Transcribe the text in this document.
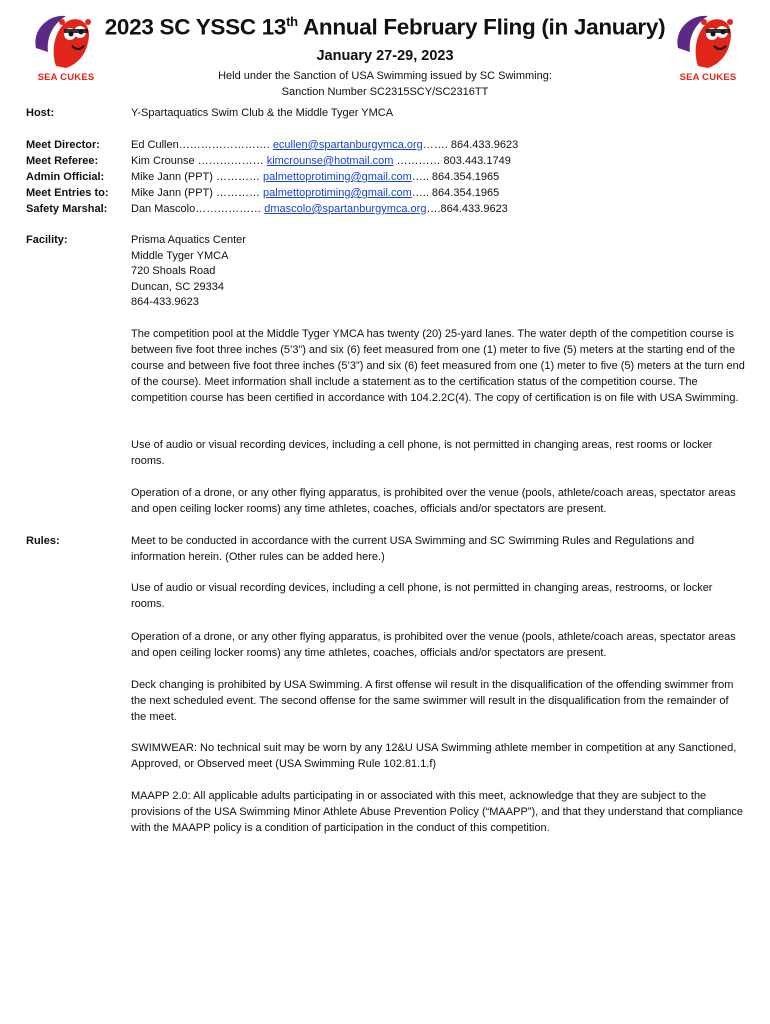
SEA CUKES	SEA CUKES
2023 SC YSSC 13th Annual February Fling (in January)
January 27-29, 2023
Held under the Sanction of USA Swimming issued by SC Swimming:
Sanction Number SC2315SCY/SC2316TT
Host:	Y-Spartaquatics Swim Club & the Middle Tyger YMCA
Meet Director:	Ed Cullen……………………. ecullen@spartanburgymca.org……. 864.433.9623
Meet Referee:	Kim Crounse ……………… kimcrounse@hotmail.com ………… 803.443.1749
Admin Official: Mike Jann (PPT) ………… palmettoprotiming@gmail.com….. 864.354.1965
Meet Entries to: Mike Jann (PPT) ………… palmettoprotiming@gmail.com….. 864.354.1965
Safety Marshal: Dan Mascolo……………… dmascolo@spartanburgymca.org….864.433.9623
Facility:	Prisma Aquatics Center
Middle Tyger YMCA
720 Shoals Road
Duncan, SC 29334
864-433.9623

The competition pool at the Middle Tyger YMCA has twenty (20) 25-yard lanes. The water depth of the competition course is between five foot three inches (5’3”) and six (6) feet measured from one (1) meter to five (5) meters at the starting end of the course and between five foot three inches (5’3”) and six (6) feet measured from one (1) meter to five (5) meters at the turn end of the course). Meet information shall include a statement as to the certification status of the competition course. The competition course has been certified in accordance with 104.2.2C(4). The copy of certification is on file with USA Swimming.

Use of audio or visual recording devices, including a cell phone, is not permitted in changing areas, rest rooms or locker rooms.

Operation of a drone, or any other flying apparatus, is prohibited over the venue (pools, athlete/coach areas, spectator areas and open ceiling locker rooms) any time athletes, coaches, officials and/or spectators are present.

Rules:	Meet to be conducted in accordance with the current USA Swimming and SC Swimming Rules and Regulations and information herein. (Other rules can be added here.)

Use of audio or visual recording devices, including a cell phone, is not permitted in changing areas, restrooms, or locker rooms.

Operation of a drone, or any other flying apparatus, is prohibited over the venue (pools, athlete/coach areas, spectator areas and open ceiling locker rooms) any time athletes, coaches, officials and/or spectators are present.

Deck changing is prohibited by USA Swimming. A first offense wil result in the disqualification of the offending swimmer from the next scheduled event. The second offense for the same swimmer will result in the disqualification from the remainder of the meet.

SWIMWEAR: No technical suit may be worn by any 12&U USA Swimming athlete member in competition at any Sanctioned, Approved, or Observed meet (USA Swimming Rule 102.81.1.f)

MAAPP 2.0: All applicable adults participating in or associated with this meet, acknowledge that they are subject to the provisions of the USA Swimming Minor Athlete Abuse Prevention Policy (“MAAPP”), and that they understand that compliance with the MAAPP policy is a condition of participation in the conduct of this competition.
